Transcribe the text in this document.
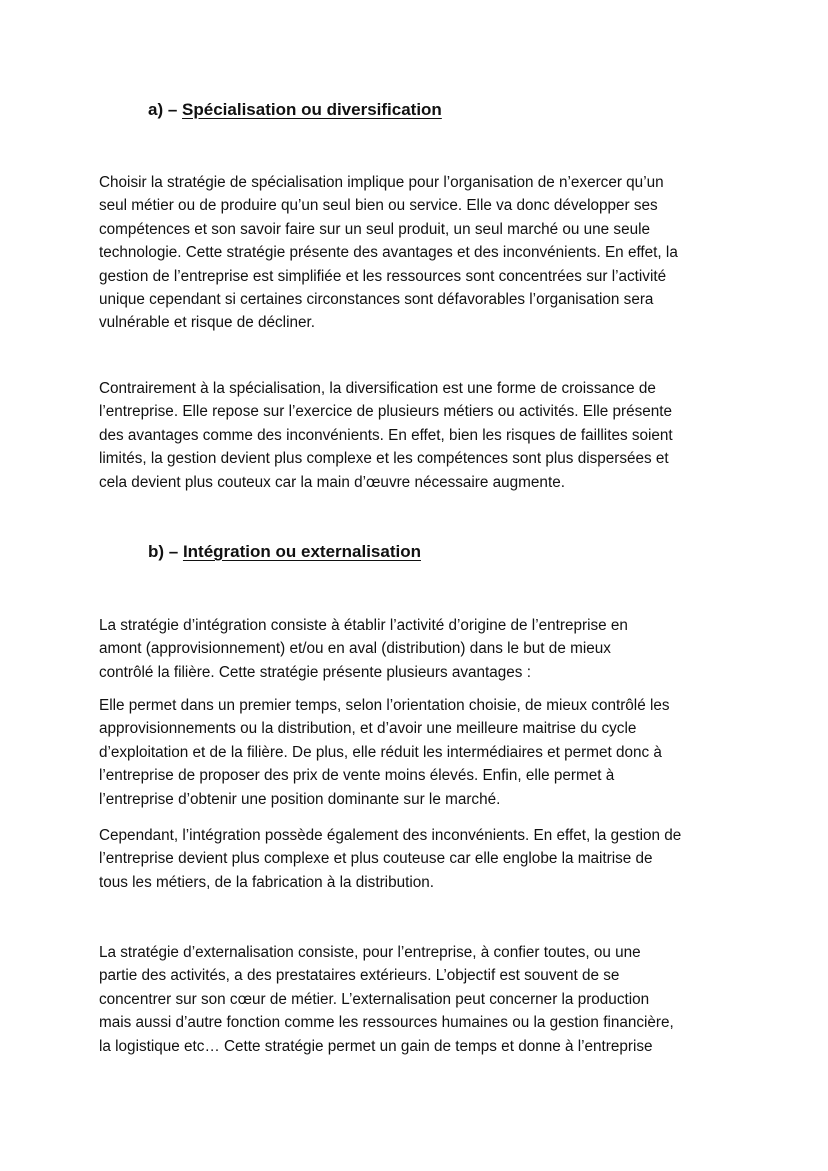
a) – Spécialisation ou diversification
Choisir la stratégie de spécialisation implique pour l’organisation de n’exercer qu’un
seul métier ou de produire qu’un seul bien ou service. Elle va donc développer ses
compétences et son savoir faire sur un seul produit, un seul marché ou une seule
technologie. Cette stratégie présente des avantages et des inconvénients. En effet, la
gestion de l’entreprise est simplifiée et les ressources sont concentrées sur l’activité
unique cependant si certaines circonstances sont défavorables l’organisation sera
vulnérable et risque de décliner.
Contrairement à la spécialisation, la diversification est une forme de croissance de
l’entreprise. Elle repose sur l’exercice de plusieurs métiers ou activités. Elle présente
des avantages comme des inconvénients. En effet, bien les risques de faillites soient
limités, la gestion devient plus complexe et les compétences sont plus dispersées et
cela devient plus couteux car la main d’œuvre nécessaire augmente.
b) – Intégration ou externalisation
La stratégie d’intégration consiste à établir l’activité d’origine de l’entreprise en
amont (approvisionnement) et/ou en aval (distribution) dans le but de mieux
contrôlé la filière. Cette stratégie présente plusieurs avantages :
Elle permet dans un premier temps, selon l’orientation choisie, de mieux contrôlé les
approvisionnements ou la distribution, et d’avoir une meilleure maitrise du cycle
d’exploitation et de la filière. De plus, elle réduit les intermédiaires et permet donc à
l’entreprise de proposer des prix de vente moins élevés. Enfin, elle permet à
l’entreprise d’obtenir une position dominante sur le marché.
Cependant, l’intégration possède également des inconvénients. En effet, la gestion de
l’entreprise devient plus complexe et plus couteuse car elle englobe la maitrise de
tous les métiers, de la fabrication à la distribution.
La stratégie d’externalisation consiste, pour l’entreprise, à confier toutes, ou une
partie des activités, a des prestataires extérieurs. L’objectif est souvent de se
concentrer sur son cœur de métier. L’externalisation peut concerner la production
mais aussi d’autre fonction comme les ressources humaines ou la gestion financière,
la logistique etc… Cette stratégie permet un gain de temps et donne à l’entreprise
